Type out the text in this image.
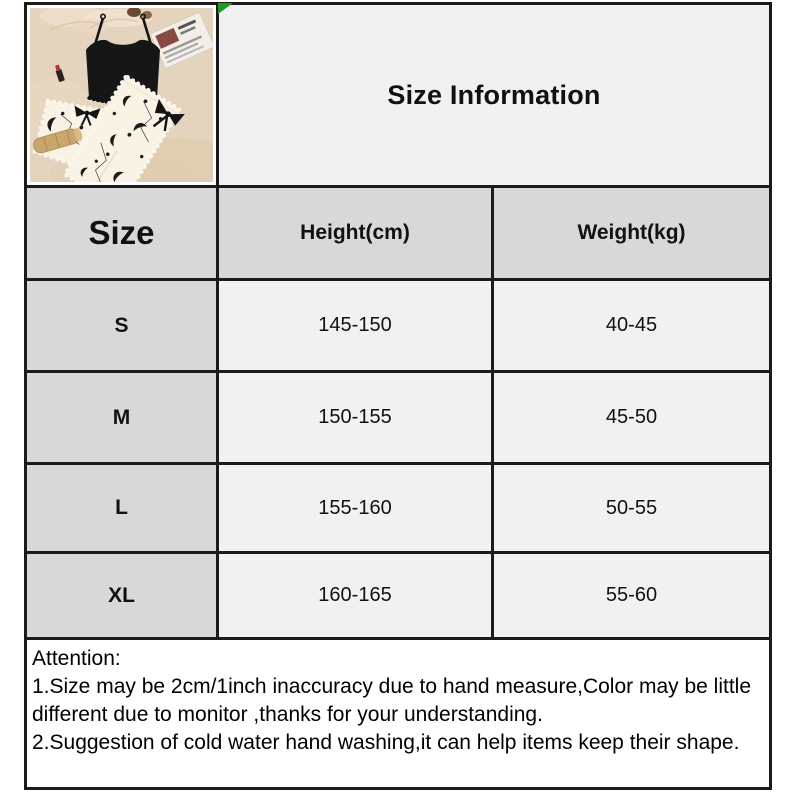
Size Information
Size	Height(cm)	Weight(kg)
S	145-150	40-45
M	150-155	45-50
L	155-160	50-55
XL	160-165	55-60

Attention:

1.Size may be 2cm/1inch inaccuracy due to hand measure,Color may be little different due to monitor ,thanks for your understanding.

2.Suggestion of cold water hand washing,it can help items keep their shape.
